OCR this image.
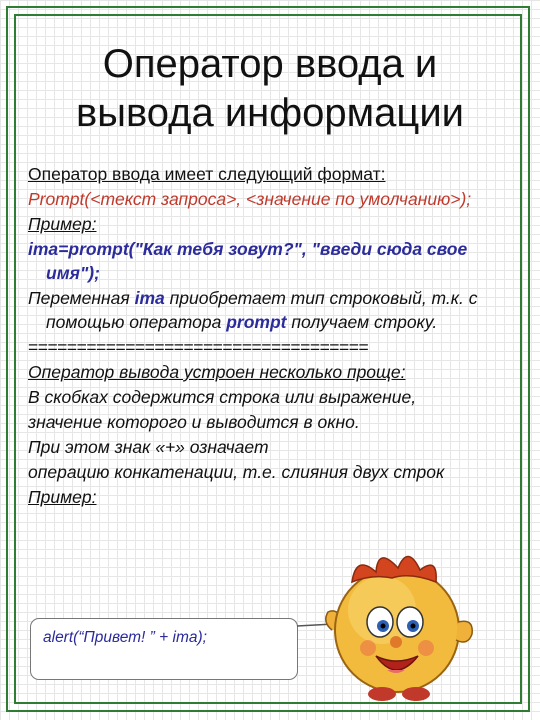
Оператор ввода и
вывода информации
Оператор ввода имеет следующий формат:
Prompt(<текст запроса>, <значение по умолчанию>);
Пример:
ima=prompt("Как тебя зовут?", "введи сюда свое имя");
Переменная ima приобретает тип строковый, т.к. с помощью оператора prompt получаем строку.
===================================
Оператор вывода устроен несколько проще:
В скобках содержится строка или выражение,
значение которого и выводится в окно.
При этом знак «+» означает
операцию конкатенации, т.е. слияния двух строк
Пример:
alert(“Привет! ” + ima);
